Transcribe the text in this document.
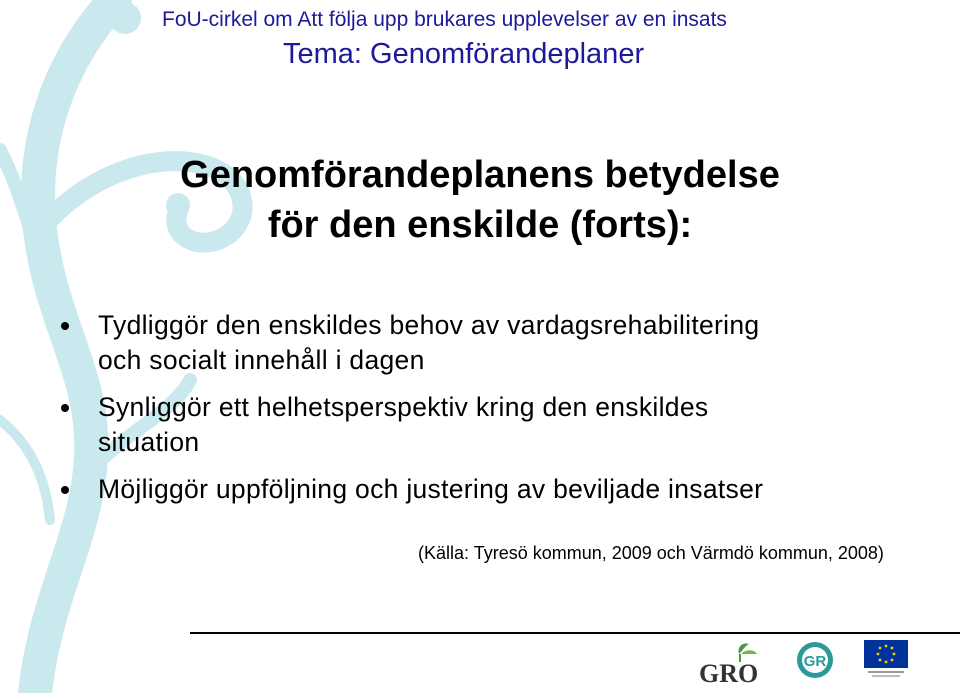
FoU-cirkel om Att följa upp brukares upplevelser av en insats
Tema: Genomförandeplaner
Genomförandeplanens betydelse
för den enskilde (forts):
Tydliggör den enskildes behov av vardagsrehabilitering
och socialt innehåll i dagen
Synliggör ett helhetsperspektiv kring den enskildes
situation
Möjliggör uppföljning och justering av beviljade insatser
(Källa: Tyresö kommun, 2009 och Värmdö kommun, 2008)
GRO	GR
